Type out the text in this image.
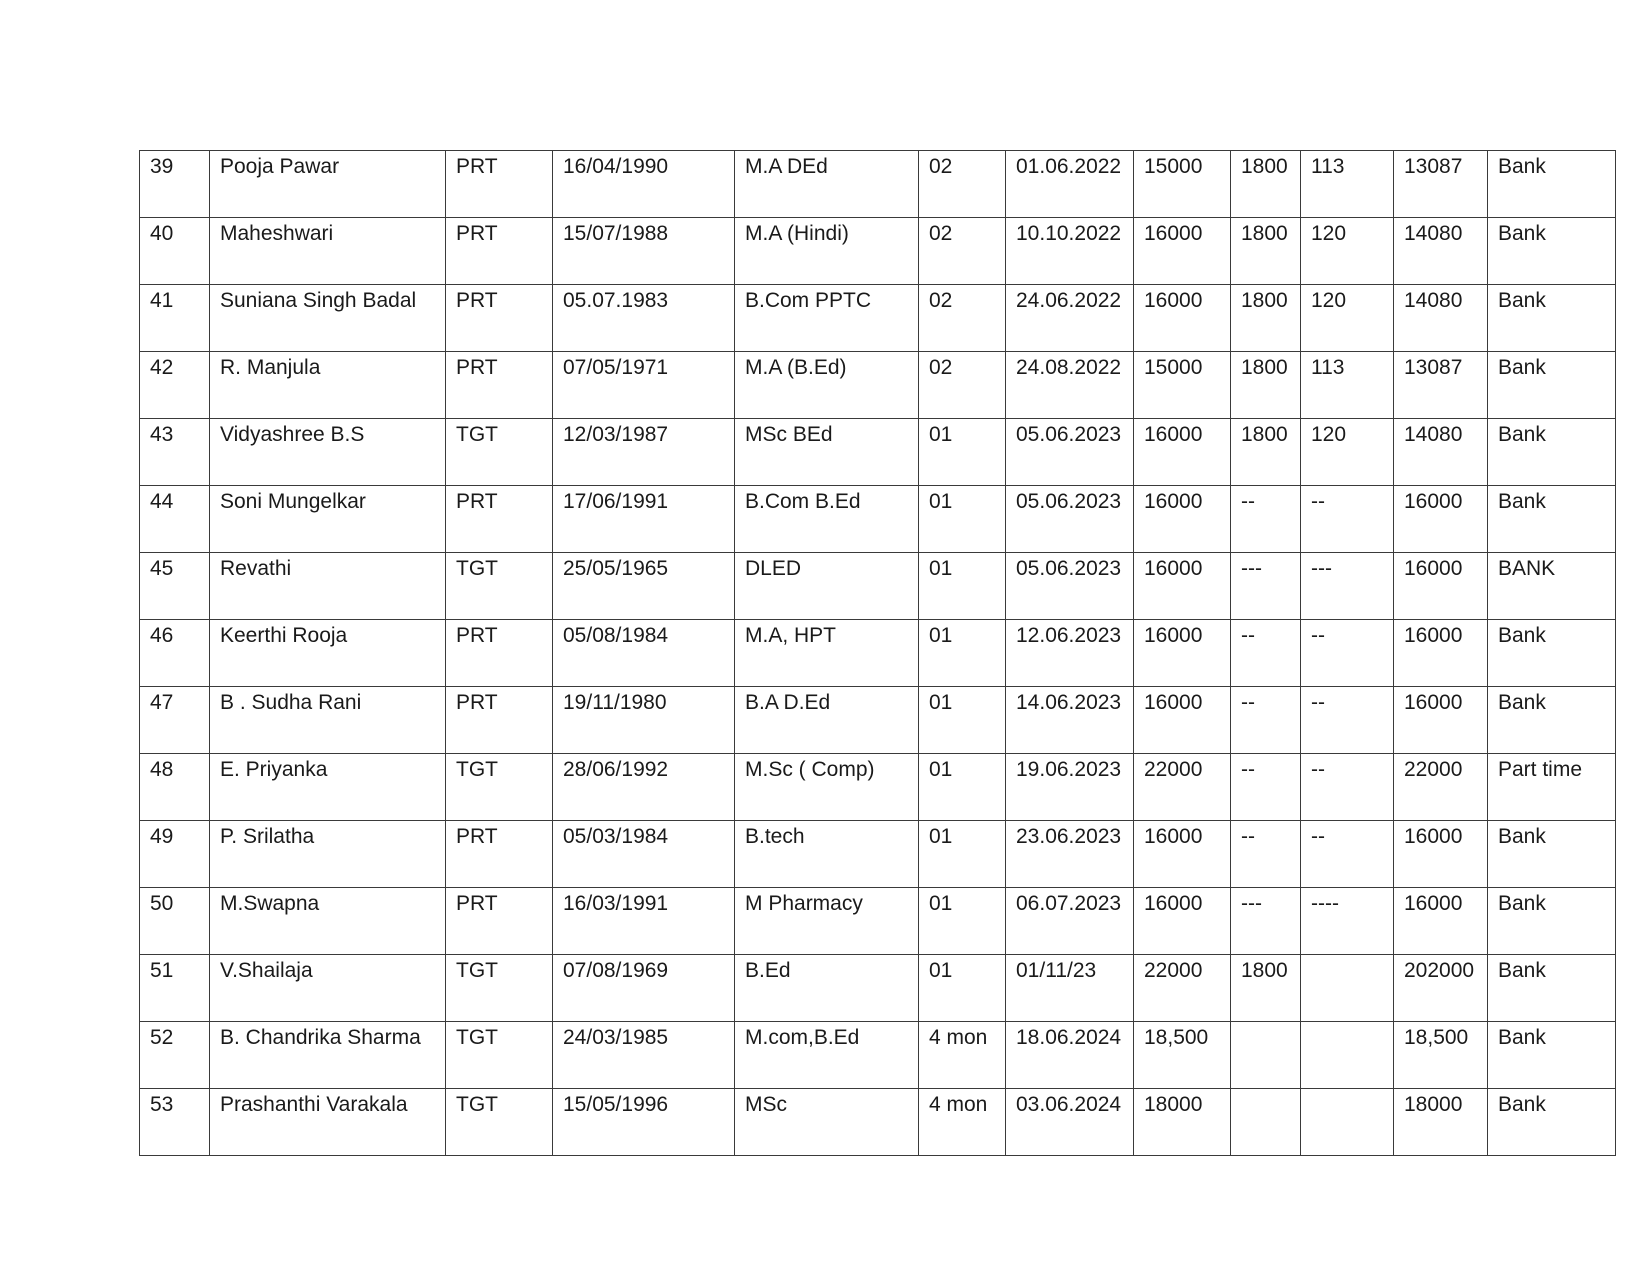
39	Pooja Pawar	PRT	16/04/1990	M.A DEd	02	01.06.2022	15000	1800	113	13087	Bank
40	Maheshwari	PRT	15/07/1988	M.A (Hindi)	02	10.10.2022	16000	1800	120	14080	Bank
41	Suniana Singh Badal	PRT	05.07.1983	B.Com PPTC	02	24.06.2022	16000	1800	120	14080	Bank
42	R. Manjula	PRT	07/05/1971	M.A (B.Ed)	02	24.08.2022	15000	1800	113	13087	Bank
43	Vidyashree B.S	TGT	12/03/1987	MSc BEd	01	05.06.2023	16000	1800	120	14080	Bank
44	Soni Mungelkar	PRT	17/06/1991	B.Com B.Ed	01	05.06.2023	16000	--	--	16000	Bank
45	Revathi	TGT	25/05/1965	DLED	01	05.06.2023	16000	---	---	16000	BANK
46	Keerthi Rooja	PRT	05/08/1984	M.A, HPT	01	12.06.2023	16000	--	--	16000	Bank
47	B . Sudha Rani	PRT	19/11/1980	B.A D.Ed	01	14.06.2023	16000	--	--	16000	Bank
48	E. Priyanka	TGT	28/06/1992	M.Sc ( Comp)	01	19.06.2023	22000	--	--	22000	Part time
49	P. Srilatha	PRT	05/03/1984	B.tech	01	23.06.2023	16000	--	--	16000	Bank
50	M.Swapna	PRT	16/03/1991	M Pharmacy	01	06.07.2023	16000	---	----	16000	Bank
51	V.Shailaja	TGT	07/08/1969	B.Ed	01	01/11/23	22000	1800		202000	Bank
52	B. Chandrika Sharma	TGT	24/03/1985	M.com,B.Ed	4 mon	18.06.2024	18,500			18,500	Bank
53	Prashanthi Varakala	TGT	15/05/1996	MSc	4 mon	03.06.2024	18000			18000	Bank
